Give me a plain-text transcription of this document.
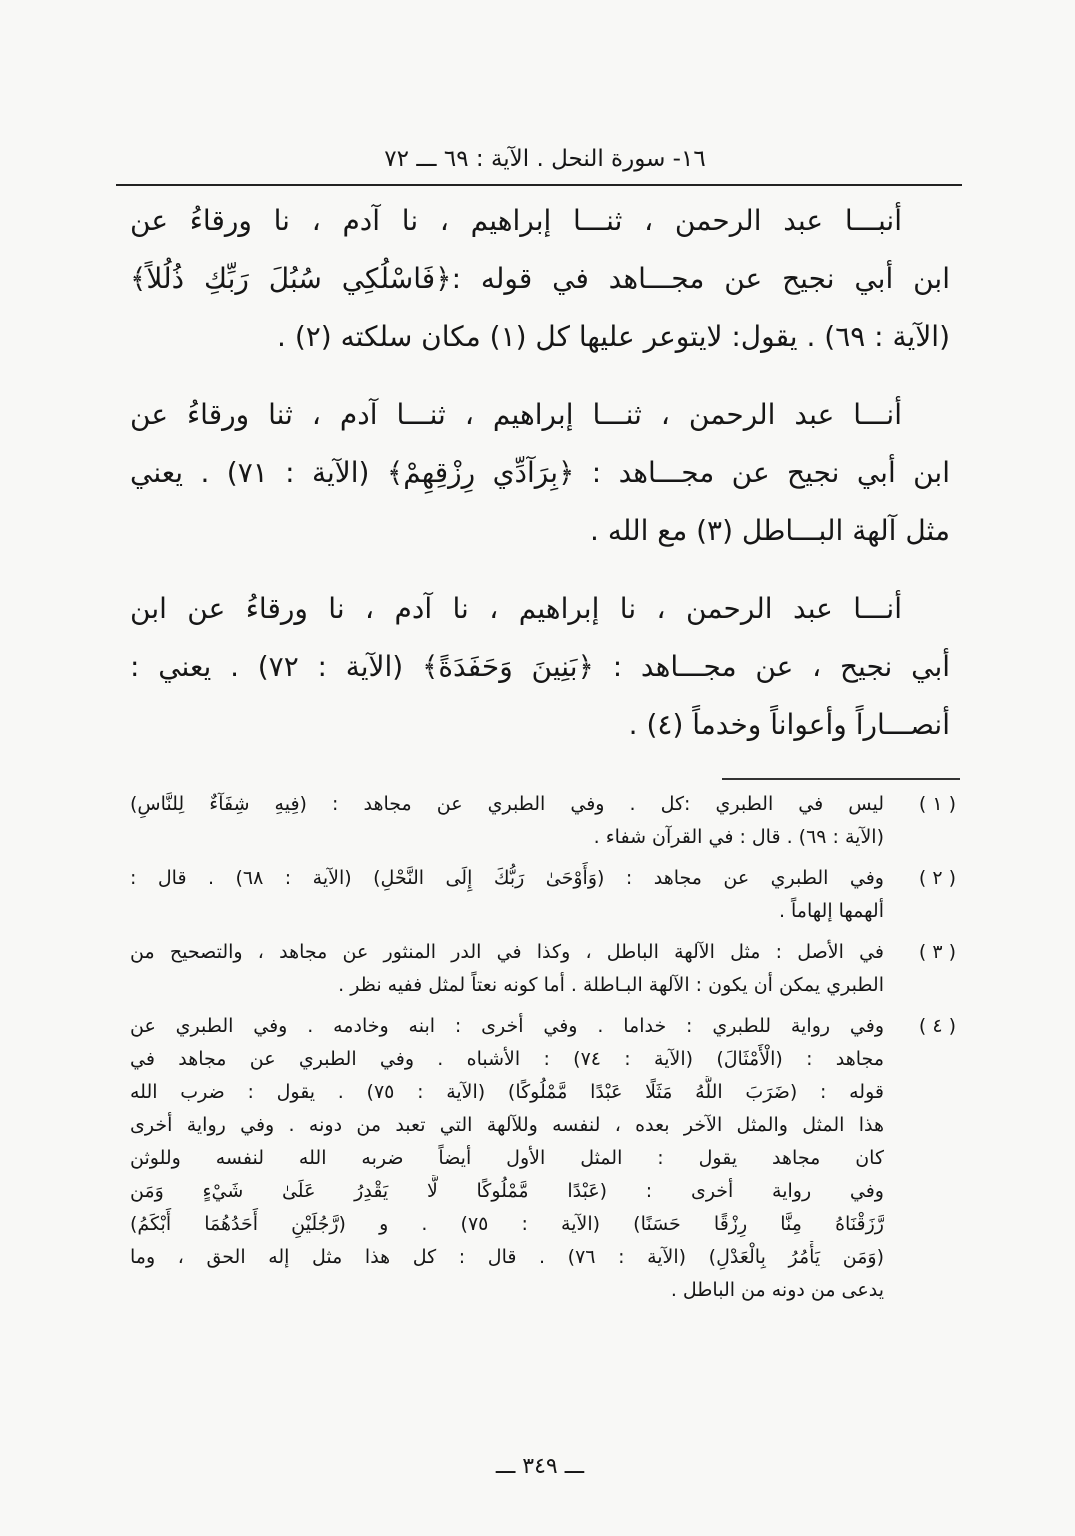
١٦- سورة النحل . الآية : ٦٩ ـــ ٧٢
أنبـــا عبد الرحمن ، ثنـــا إبراهيم ، نا آدم ، نا ورقاءُ عن
ابن أبي نجيح عن مجـــاهد في قوله :﴿فَاسْلُكِي سُبُلَ رَبِّكِ ذُلُلاً﴾
(الآية : ٦٩) . يقول: لايتوعر عليها كل (١) مكان سلكته (٢) .
أنـــا عبد الرحمن ، ثنـــا إبراهيم ، ثنـــا آدم ، ثنا ورقاءُ عن
ابن أبي نجيح عن مجـــاهد : ﴿بِرَآدِّي رِزْقِهِمْ﴾ (الآية : ٧١) . يعني
مثل آلهة البـــاطل (٣) مع الله .
أنـــا عبد الرحمن ، نا إبراهيم ، نا آدم ، نا ورقاءُ عن ابن
أبي نجيح ، عن مجـــاهد : ﴿بَنِينَ وَحَفَدَةً﴾ (الآية : ٧٢) . يعني :
أنصـــاراً وأعواناً وخدماً (٤) .
( ١ )
ليس في الطبري :كل . وفي الطبري عن مجاهد : (فِيهِ شِفَآءٌ لِلنَّاسِ)
(الآية : ٦٩) . قال : في القرآن شفاء .
( ٢ )
وفي الطبري عن مجاهد : (وَأَوْحَىٰ رَبُّكَ إِلَى النَّحْلِ) (الآية : ٦٨) . قال :
ألهمها إلهاماً .
( ٣ )
في الأصل : مثل الآلهة الباطل ، وكذا في الدر المنثور عن مجاهد ، والتصحيح من
الطبري يمكن أن يكون : الآلهة البـاطلة . أما كونه نعتاً لمثل ففيه نظر .
( ٤ )
وفي رواية للطبري : خداما . وفي أخرى : ابنه وخادمه . وفي الطبري عن
مجاهد : (الْأَمْثَالَ) (الآية : ٧٤) : الأشباه . وفي الطبري عن مجاهد في
قوله : (ضَرَبَ اللَّهُ مَثَلًا عَبْدًا مَّمْلُوكًا) (الآية : ٧٥) . يقول : ضرب الله
هذا المثل والمثل الآخر بعده ، لنفسه وللآلهة التي تعبد من دونه . وفي رواية أخرى
كان مجاهد يقول : المثل الأول أيضاً ضربه الله لنفسه وللوثن
وفي رواية أخرى : (عَبْدًا مَّمْلُوكًا لَّا يَقْدِرُ عَلَىٰ شَيْءٍ وَمَن
رَّزَقْنَاهُ مِنَّا رِزْقًا حَسَنًا) (الآية : ٧٥) . و (رَّجُلَيْنِ أَحَدُهُمَا أَبْكَمُ)
(وَمَن يَأْمُرُ بِالْعَدْلِ) (الآية : ٧٦) . قال : كل هذا مثل إله الحق ، وما
يدعى من دونه من الباطل .
ـــ ٣٤٩ ـــ
